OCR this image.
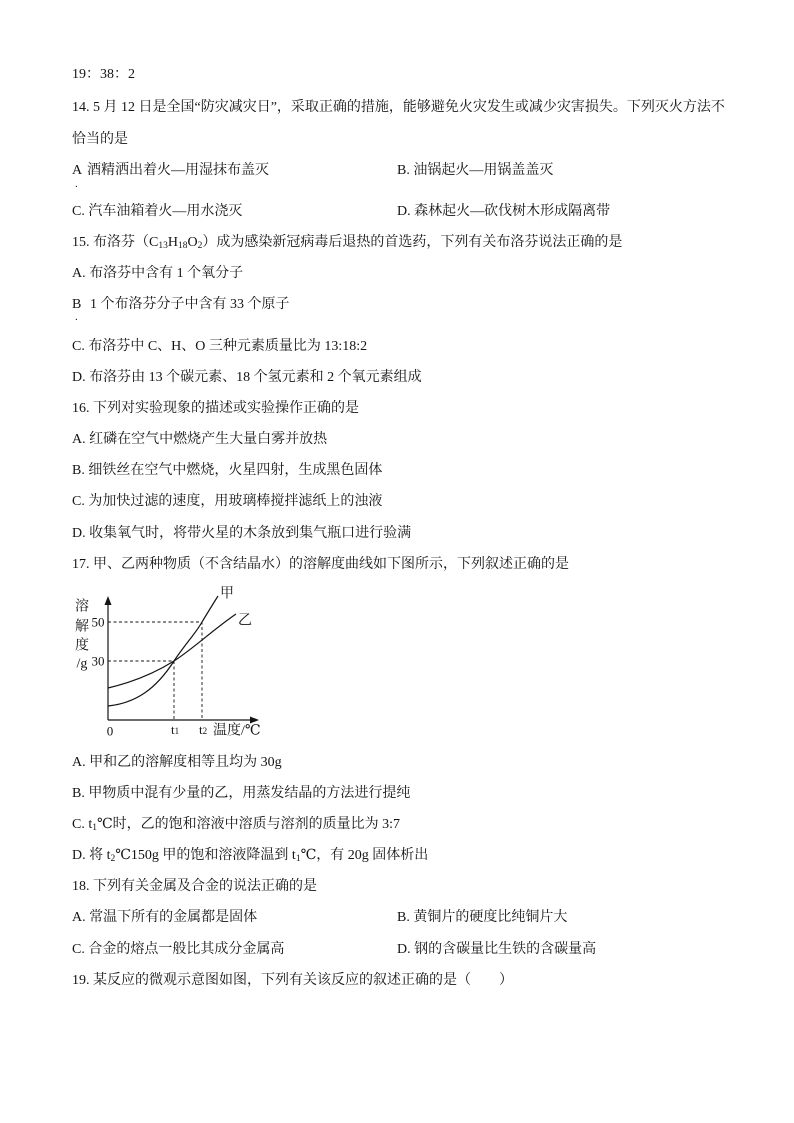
19：38：2
14. 5 月 12 日是全国“防灾减灾日”，采取正确的措施，能够避免火灾发生或减少灾害损失。下列灭火方法不
恰当的是
A
.
酒精洒出着火—用湿抹布盖灭	B. 油锅起火—用锅盖盖灭
C. 汽车油箱着火—用水浇灭	D. 森林起火—砍伐树木形成隔离带
15. 布洛芬$(C_{13}H_{18}O_2)$成为感染新冠病毒后退热的首选药，下列有关布洛芬说法正确的是
A. 布洛芬中含有 1 个氧分子
B
.
1 个布洛芬分子中含有 33 个原子
C. 布洛芬中 C、H、O 三种元素质量比为 13:18:2
D. 布洛芬由 13 个碳元素、18 个氢元素和 2 个氧元素组成
16. 下列对实验现象的描述或实验操作正确的是
A. 红磷在空气中燃烧产生大量白雾并放热
B. 细铁丝在空气中燃烧，火星四射，生成黑色固体
C. 为加快过滤的速度，用玻璃棒搅拌滤纸上的浊液
D. 收集氧气时，将带火星的木条放到集气瓶口进行验满
17. 甲、乙两种物质（不含结晶水）的溶解度曲线如下图所示，下列叙述正确的是
溶
解
度
/g
50
30
0	t1 t2 温度/℃
甲
乙
A. 甲和乙的溶解度相等且均为 30g
B. 甲物质中混有少量的乙，用蒸发结晶的方法进行提纯
C. $t_1℃$时，乙的饱和溶液中溶质与溶剂的质量比为 3:7
D. 将 $t_2℃150g$ 甲的饱和溶液降温到 $t_1℃$，有 20g 固体析出
18. 下列有关金属及合金的说法正确的是
A. 常温下所有的金属都是固体	B. 黄铜片的硬度比纯铜片大
C. 合金的熔点一般比其成分金属高	D. 钢的含碳量比生铁的含碳量高
19. 某反应的微观示意图如图，下列有关该反应的叙述正确的是（　　）
